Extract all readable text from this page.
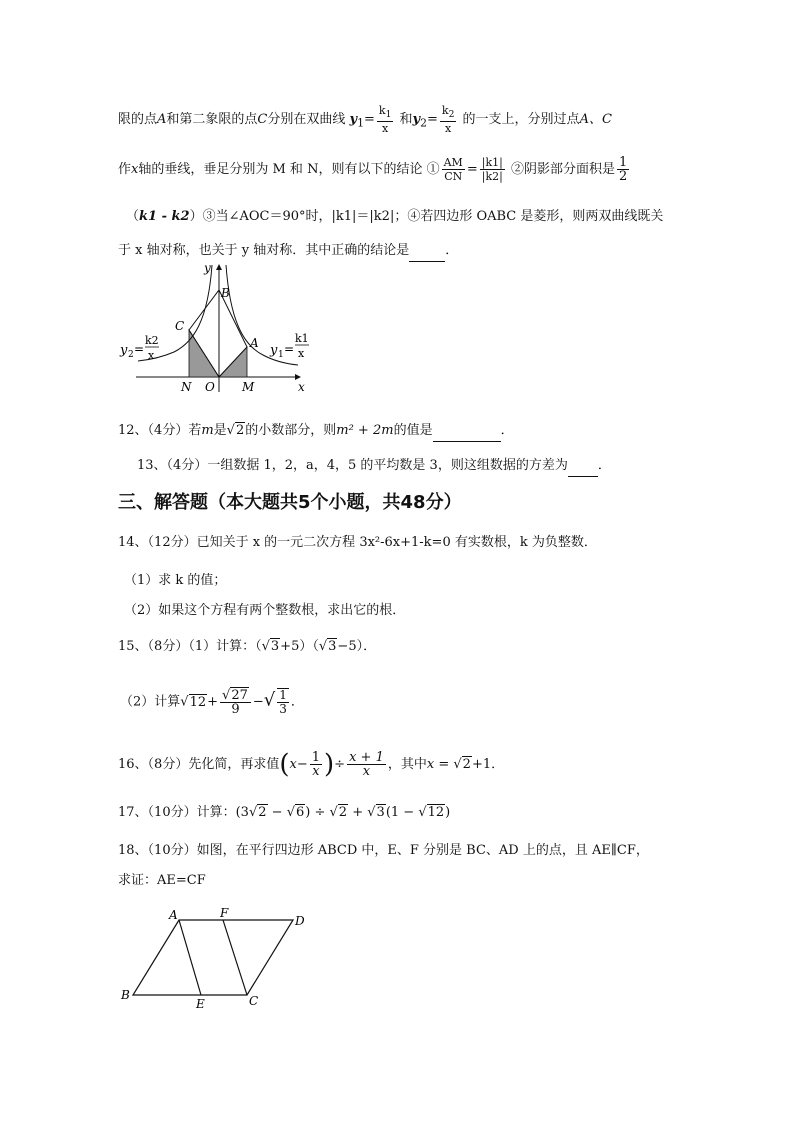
限的点A和第二象限的点C分别在双曲线 $y_1= \frac{k_1}{x}$ 和$y_2= \frac{k_2}{x}$ 的一支上，分别过点A、C
作x轴的垂线，垂足分别为 M 和 N，则有以下的结论 ① $\frac{AM}{CN} = \frac{|k1|}{|k2|}$ ②阴影部分面积是 $\frac{1}{2}$
（k1 - k2）③当∠AOC＝90°时，|k1|＝|k2|；④若四边形 OABC 是菱形，则两双曲线既关
于 x 轴对称，也关于 y 轴对称．其中正确的结论是	．
y
x
B
C
A
N O M
y 2 =
k2
x	y 1 =
k1
x
12、（4分）若m是√2的小数部分，则m² + 2m的值是	．
13、（4分）一组数据 1，2，a，4，5 的平均数是 3，则这组数据的方差为 ．
三、解答题（本大题共5个小题，共48分）
14、（12分）已知关于 x 的一元二次方程 3x²-6x+1-k=0 有实数根，k 为负整数．
（1）求 k 的值；
（2）如果这个方程有两个整数根，求出它的根．
15、（8分）（1）计算：（√3+5）（√3−5）．
（2）计算$√12+ \frac{√27}{9}$ −√ $\frac{1}{3}$ ．
16、（8分）先化简，再求值($x- \frac{1}{x}$ )÷ $\frac{x + 1}{x}$ ，其中x = √2+1．
17、（10分）计算：(3√2 − √6) ÷ √2 + √3(1 − √12)
18、（10分）如图，在平行四边形 ABCD 中，E、F 分别是 BC、AD 上的点，且 AE∥CF，
求证：AE=CF
A	F
D
B
E	C
